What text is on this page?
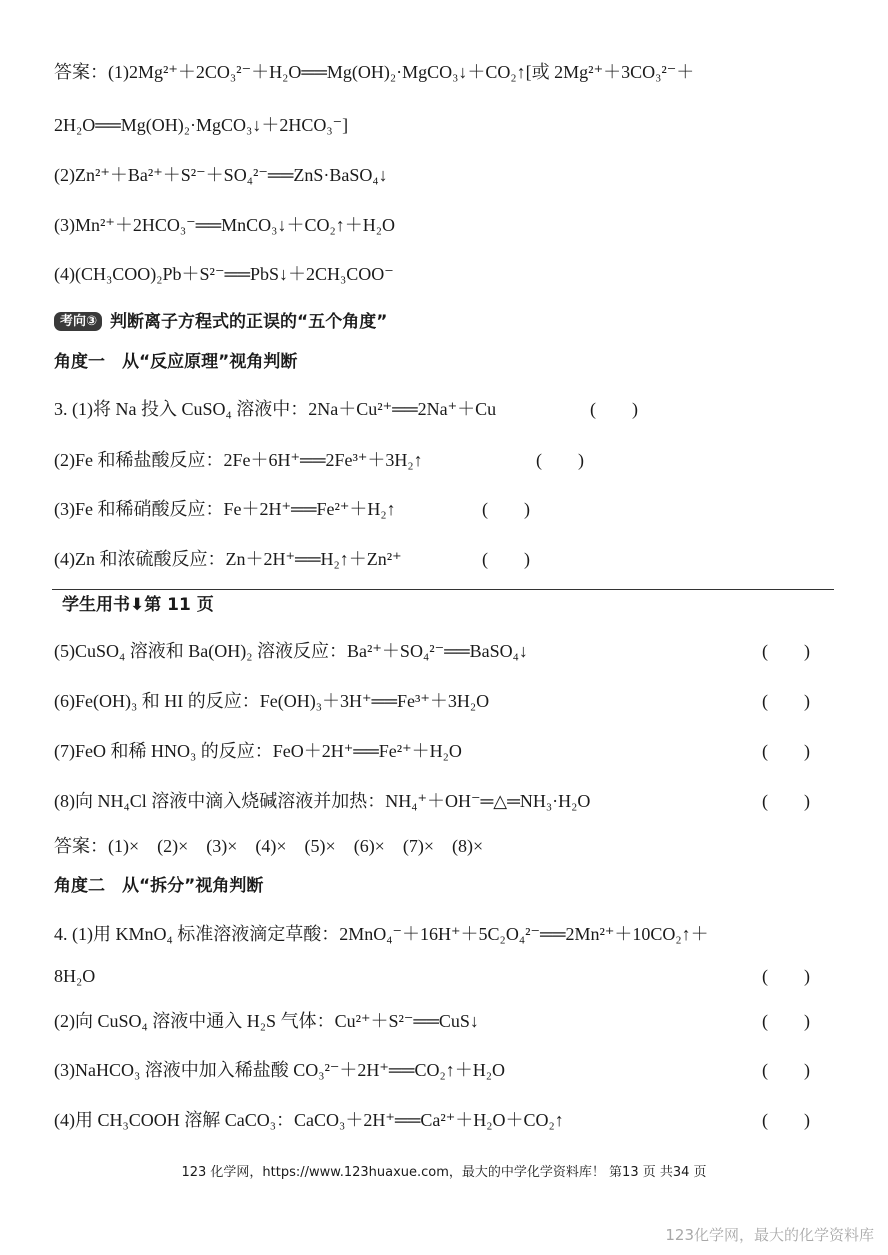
答案：(1)2Mg²⁺＋2CO₃²⁻＋H₂O══Mg(OH)₂·MgCO₃↓＋CO₂↑[或 2Mg²⁺＋3CO₃²⁻＋
2H₂O══Mg(OH)₂·MgCO₃↓＋2HCO₃⁻]
(2)Zn²⁺＋Ba²⁺＋S²⁻＋SO₄²⁻══ZnS·BaSO₄↓
(3)Mn²⁺＋2HCO₃⁻══MnCO₃↓＋CO₂↑＋H₂O
(4)(CH₃COO)₂Pb＋S²⁻══PbS↓＋2CH₃COO⁻
考向③ 判断离子方程式的正误的“五个角度”
角度一　从“反应原理”视角判断
3. (1)将 Na 投入 CuSO₄ 溶液中：2Na＋Cu²⁺══2Na⁺＋Cu	(　　)
(2)Fe 和稀盐酸反应：2Fe＋6H⁺══2Fe³⁺＋3H₂↑	(　　)
(3)Fe 和稀硝酸反应：Fe＋2H⁺══Fe²⁺＋H₂↑	(　　)
(4)Zn 和浓硫酸反应：Zn＋2H⁺══H₂↑＋Zn²⁺	(　　)
学生用书⬇第 11 页
(5)CuSO₄ 溶液和 Ba(OH)₂ 溶液反应：Ba²⁺＋SO₄²⁻══BaSO₄↓	(　　)
(6)Fe(OH)₃ 和 HI 的反应：Fe(OH)₃＋3H⁺══Fe³⁺＋3H₂O	(　　)
(7)FeO 和稀 HNO₃ 的反应：FeO＋2H⁺══Fe²⁺＋H₂O	(　　)
(8)向 NH₄Cl 溶液中滴入烧碱溶液并加热：NH₄⁺＋OH⁻═△═NH₃·H₂O	(　　)
答案：(1)×　(2)×　(3)×　(4)×　(5)×　(6)×　(7)×　(8)×
角度二　从“拆分”视角判断
4. (1)用 KMnO₄ 标准溶液滴定草酸：2MnO₄⁻＋16H⁺＋5C₂O₄²⁻══2Mn²⁺＋10CO₂↑＋
8H₂O	(　　)
(2)向 CuSO₄ 溶液中通入 H₂S 气体：Cu²⁺＋S²⁻══CuS↓	(　　)
(3)NaHCO₃ 溶液中加入稀盐酸 CO₃²⁻＋2H⁺══CO₂↑＋H₂O	(　　)
(4)用 CH₃COOH 溶解 CaCO₃：CaCO₃＋2H⁺══Ca²⁺＋H₂O＋CO₂↑	(　　)
123 化学网，https://www.123huaxue.com，最大的中学化学资料库！ 第13 页 共34 页
123化学网，最大的化学资料库
